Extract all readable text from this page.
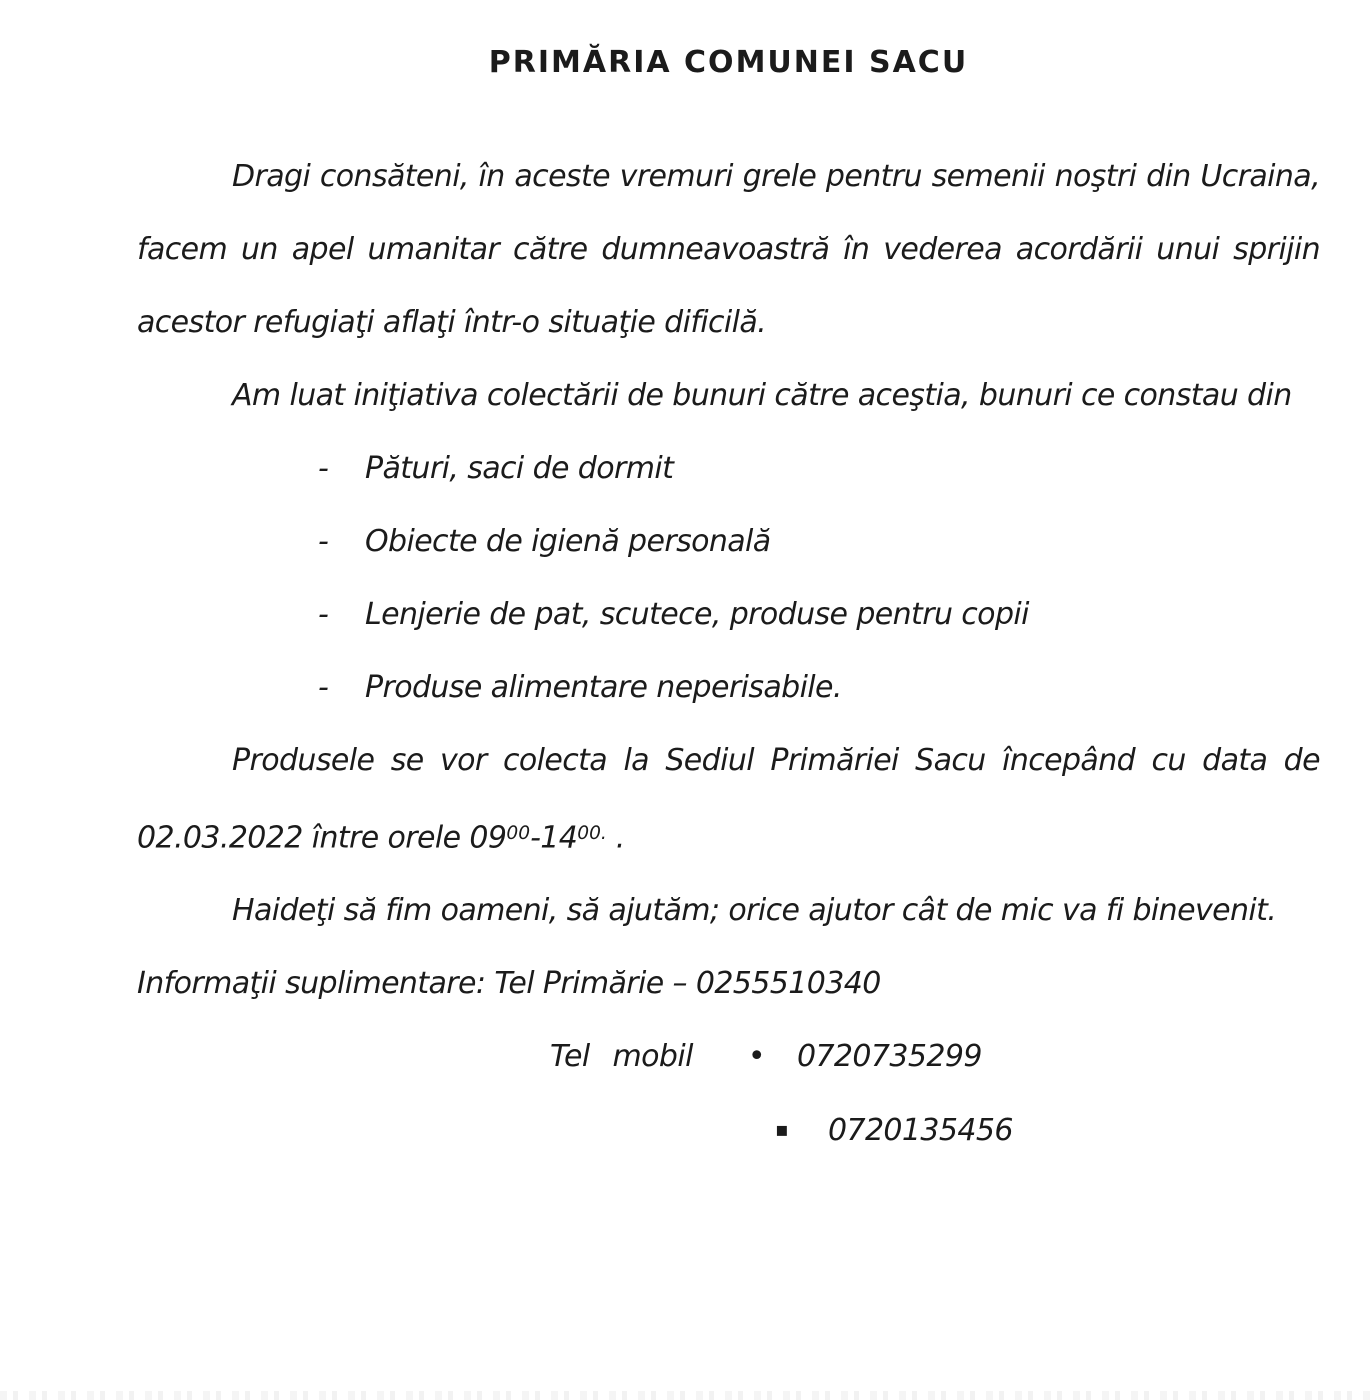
PRIMĂRIA COMUNEI SACU

Dragi consăteni, în aceste vremuri grele pentru semenii noştri din Ucraina, facem un apel umanitar către dumneavoastră în vederea acordării unui sprijin acestor refugiaţi aflaţi într-o situaţie dificilă.

Am luat iniţiativa colectării de bunuri către aceştia, bunuri ce constau din

- Pături, saci de dormit
- Obiecte de igienă personală
- Lenjerie de pat, scutece, produse pentru copii
- Produse alimentare neperisabile.

Produsele se vor colecta la Sediul Primăriei Sacu începând cu data de 02.03.2022 între orele $09^{00}-14^{00.}$ .

Haideţi să fim oameni, să ajutăm; orice ajutor cât de mic va fi binevenit.

Informaţii suplimentare: Tel Primărie – 0255510340

Tel mobil • 0720735299

▪ 0720135456
